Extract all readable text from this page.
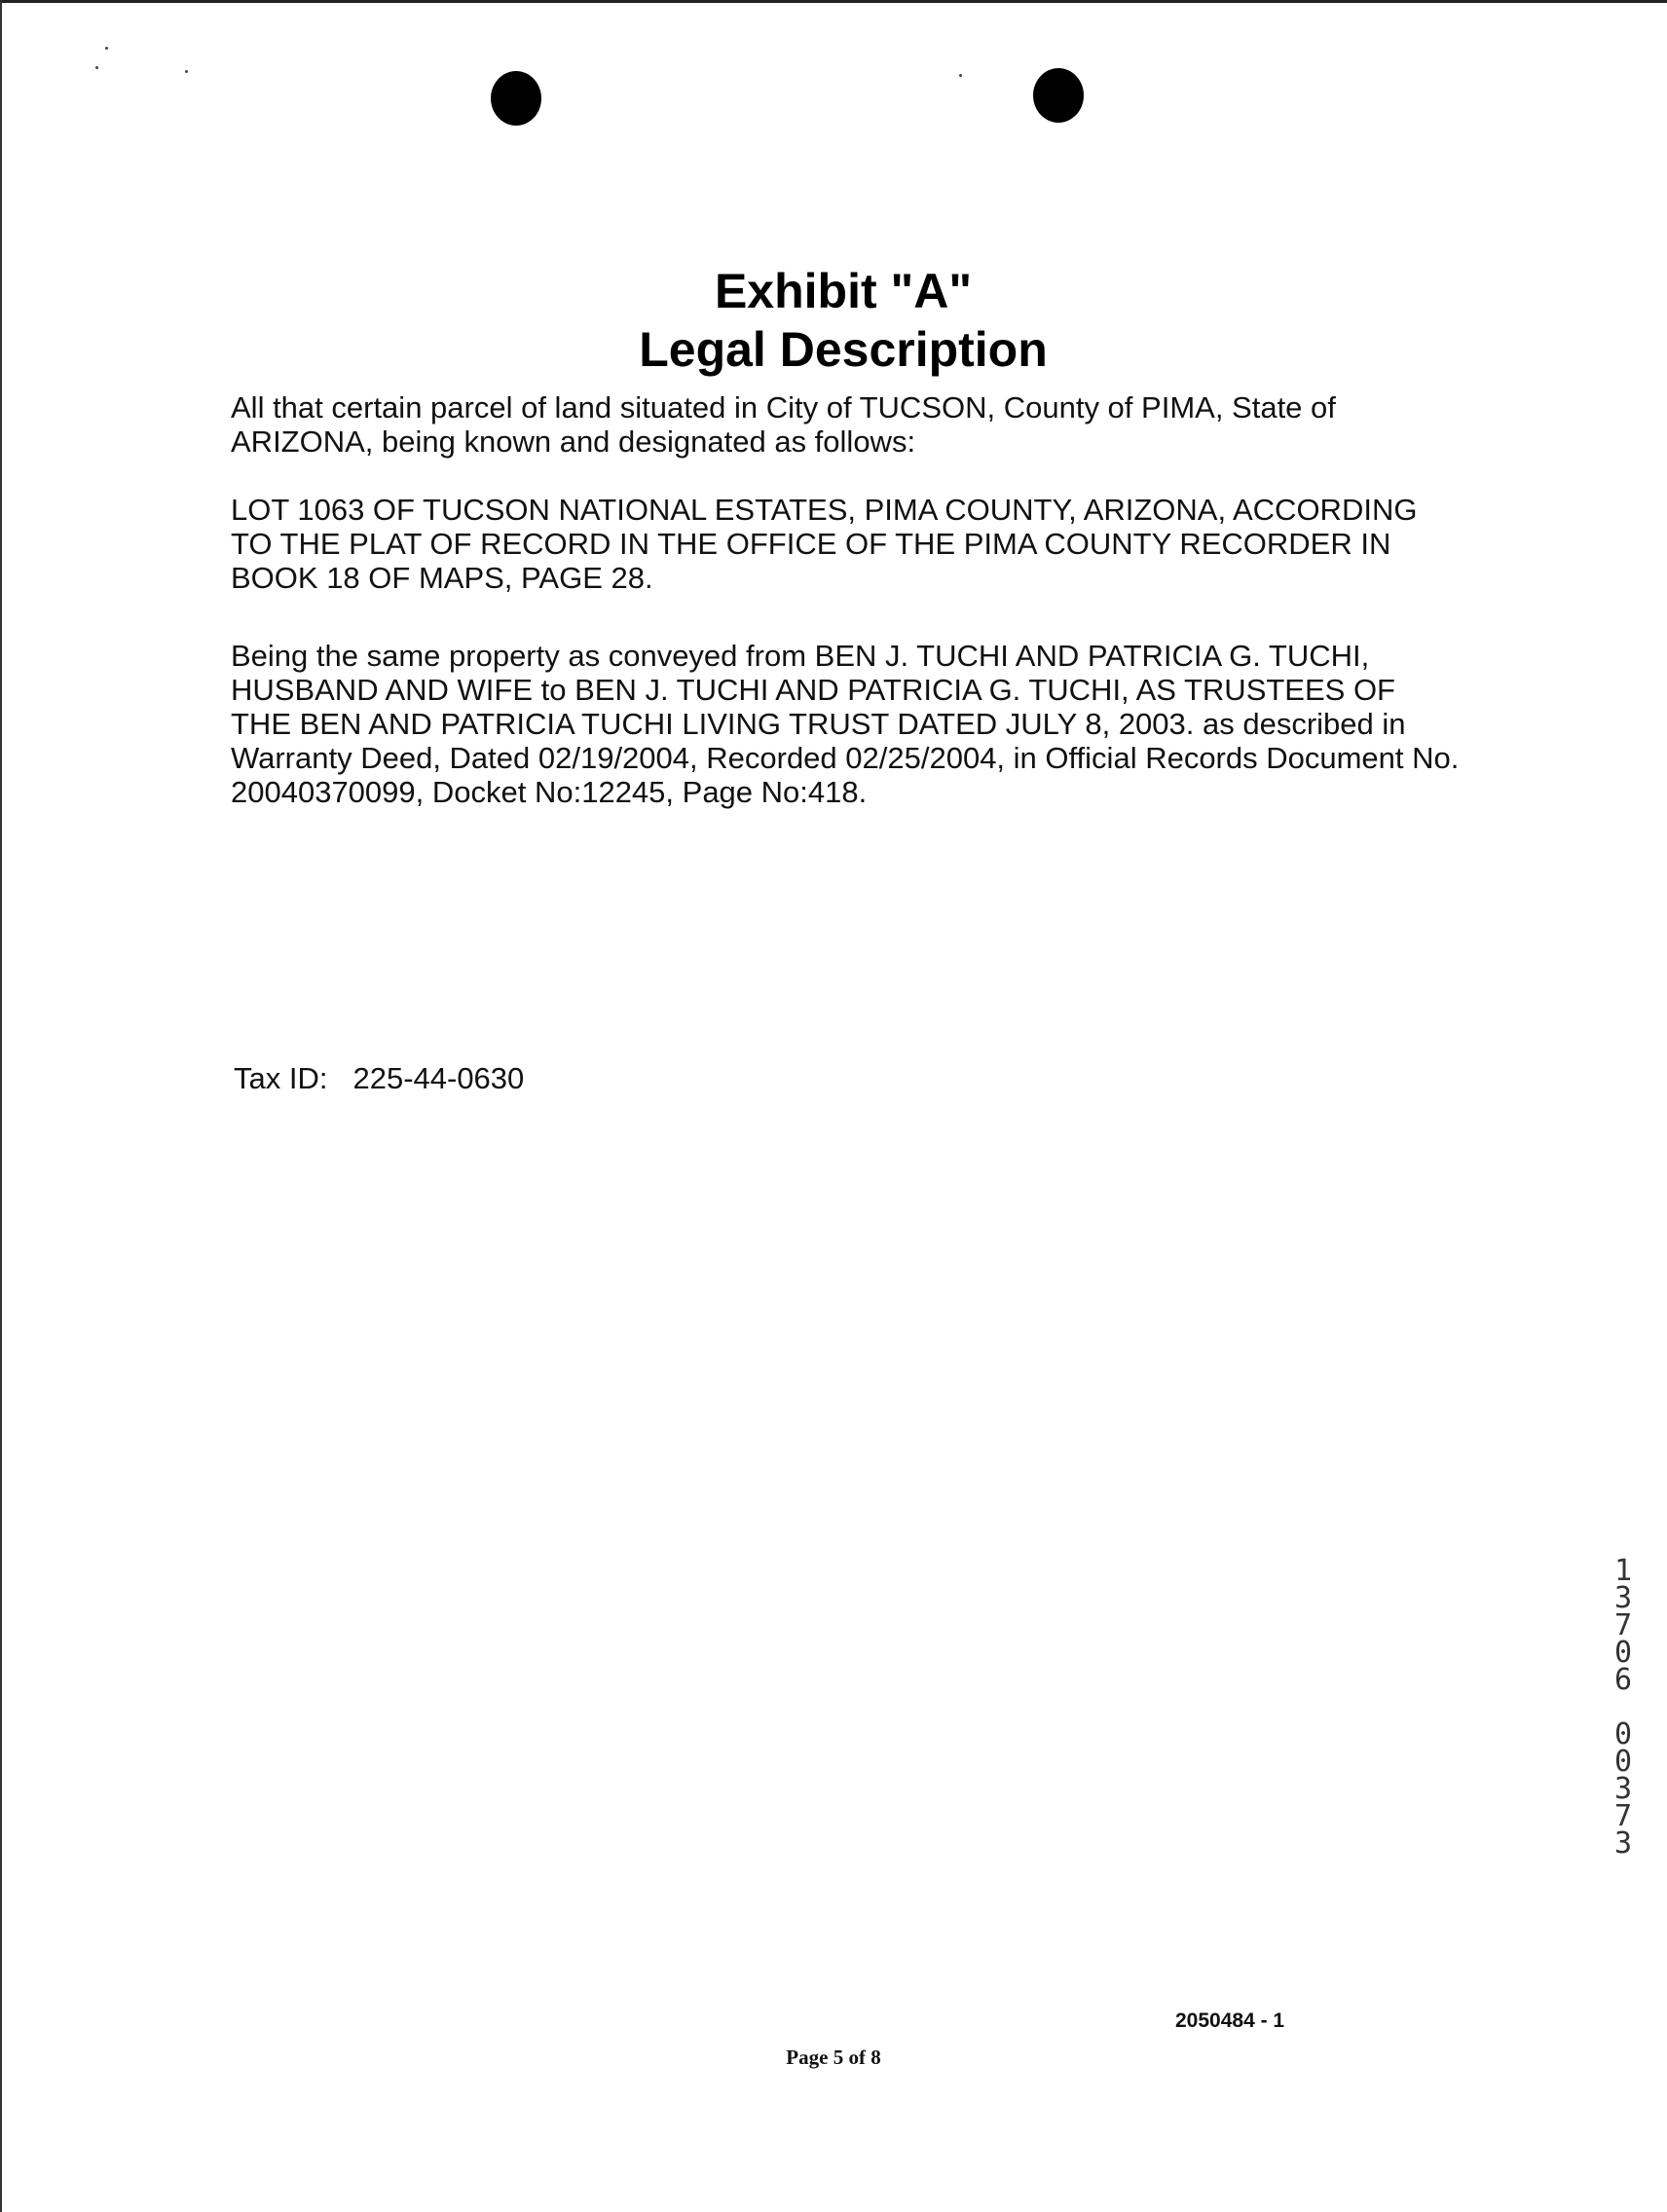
Exhibit "A"
Legal Description
All that certain parcel of land situated in City of TUCSON, County of PIMA, State of
ARIZONA, being known and designated as follows:
LOT 1063 OF TUCSON NATIONAL ESTATES, PIMA COUNTY, ARIZONA, ACCORDING
TO THE PLAT OF RECORD IN THE OFFICE OF THE PIMA COUNTY RECORDER IN
BOOK 18 OF MAPS, PAGE 28.
Being the same property as conveyed from BEN J. TUCHI AND PATRICIA G. TUCHI,
HUSBAND AND WIFE to BEN J. TUCHI AND PATRICIA G. TUCHI, AS TRUSTEES OF
THE BEN AND PATRICIA TUCHI LIVING TRUST DATED JULY 8, 2003. as described in
Warranty Deed, Dated 02/19/2004, Recorded 02/25/2004, in Official Records Document No.
20040370099, Docket No:12245, Page No:418.
Tax ID: 225-44-0630
1
3
7
0
6
0
0
3
7
3
2050484 - 1
Page 5 of 8
